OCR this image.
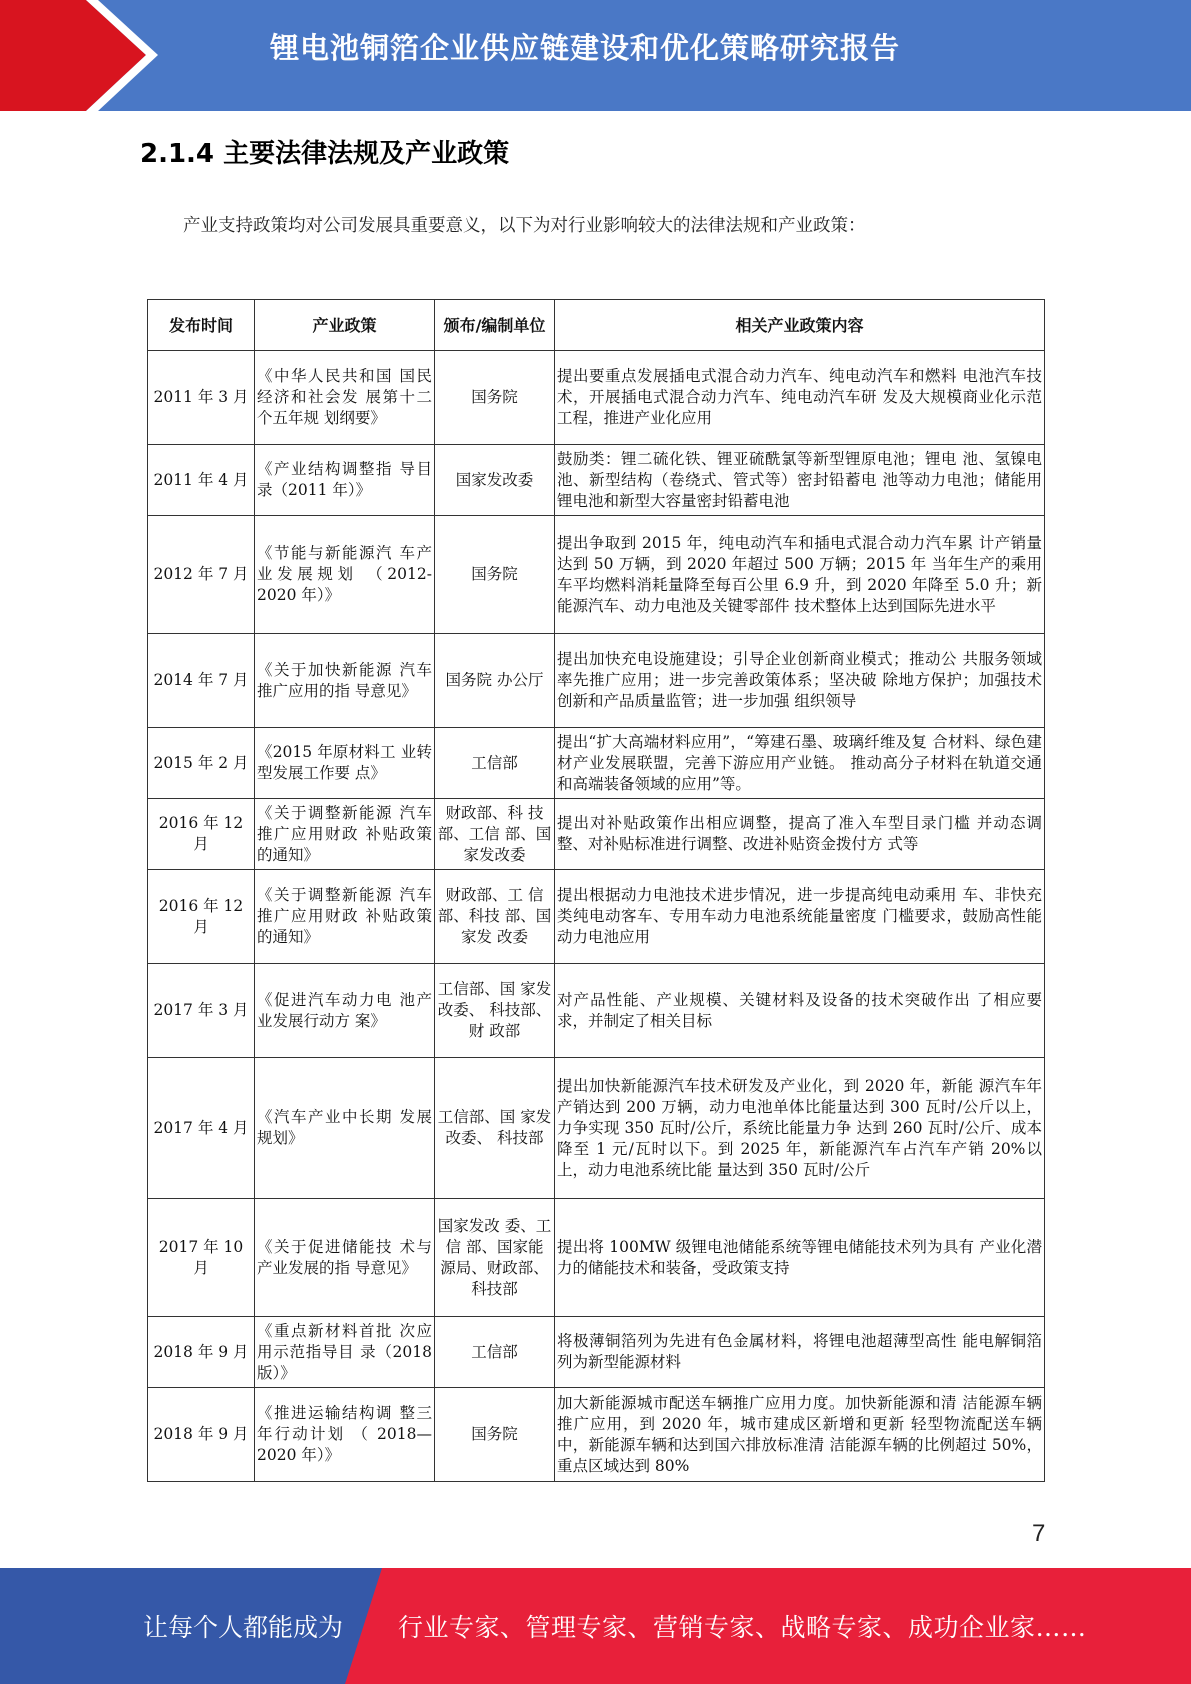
锂电池铜箔企业供应链建设和优化策略研究报告
2.1.4 主要法律法规及产业政策
产业支持政策均对公司发展具重要意义，以下为对行业影响较大的法律法规和产业政策：
发布时间	产业政策	颁布/编制单位	相关产业政策内容
2011 年 3 月	《中华人民共和国 国民经济和社会发 展第十二个五年规 划纲要》	国务院	提出要重点发展插电式混合动力汽车、纯电动汽车和燃料 电池汽车技术，开展插电式混合动力汽车、纯电动汽车研 发及大规模商业化示范工程，推进产业化应用
2011 年 4 月	《产业结构调整指 导目录（2011 年）》	国家发改委	鼓励类：锂二硫化铁、锂亚硫酰氯等新型锂原电池；锂电 池、氢镍电池、新型结构（卷绕式、管式等）密封铅蓄电 池等动力电池；储能用锂电池和新型大容量密封铅蓄电池
2012 年 7 月	《节能与新能源汽 车产业发展规划 （2012-2020 年）》	国务院	提出争取到 2015 年，纯电动汽车和插电式混合动力汽车累 计产销量达到 50 万辆，到 2020 年超过 500 万辆；2015 年 当年生产的乘用车平均燃料消耗量降至每百公里 6.9 升，到 2020 年降至 5.0 升；新能源汽车、动力电池及关键零部件 技术整体上达到国际先进水平
2014 年 7 月	《关于加快新能源 汽车推广应用的指 导意见》	国务院 办公厅	提出加快充电设施建设；引导企业创新商业模式；推动公 共服务领域率先推广应用；进一步完善政策体系；坚决破 除地方保护；加强技术创新和产品质量监管；进一步加强 组织领导
2015 年 2 月	《2015 年原材料工 业转型发展工作要 点》	工信部	提出“扩大高端材料应用”，“筹建石墨、玻璃纤维及复 合材料、绿色建材产业发展联盟，完善下游应用产业链。 推动高分子材料在轨道交通和高端装备领域的应用”等。
2016 年 12 月	《关于调整新能源 汽车推广应用财政 补贴政策的通知》	财政部、科 技部、工信 部、国家发改委	提出对补贴政策作出相应调整，提高了准入车型目录门槛 并动态调整、对补贴标准进行调整、改进补贴资金拨付方 式等
2016 年 12 月	《关于调整新能源 汽车推广应用财政 补贴政策的通知》	财政部、工 信部、科技 部、国家发 改委	提出根据动力电池技术进步情况，进一步提高纯电动乘用 车、非快充类纯电动客车、专用车动力电池系统能量密度 门槛要求，鼓励高性能动力电池应用
2017 年 3 月	《促进汽车动力电 池产业发展行动方 案》	工信部、国 家发改委、 科技部、财 政部	对产品性能、产业规模、关键材料及设备的技术突破作出 了相应要求，并制定了相关目标
2017 年 4 月	《汽车产业中长期 发展规划》	工信部、国 家发改委、 科技部	提出加快新能源汽车技术研发及产业化，到 2020 年，新能 源汽车年产销达到 200 万辆，动力电池单体比能量达到 300 瓦时/公斤以上，力争实现 350 瓦时/公斤，系统比能量力争 达到 260 瓦时/公斤、成本降至 1 元/瓦时以下。到 2025 年，新能源汽车占汽车产销 20%以上，动力电池系统比能 量达到 350 瓦时/公斤
2017 年 10 月	《关于促进储能技 术与产业发展的指 导意见》	国家发改 委、工信 部、国家能 源局、财政部、科技部	提出将 100MW 级锂电池储能系统等锂电储能技术列为具有 产业化潜力的储能技术和装备，受政策支持
2018 年 9 月	《重点新材料首批 次应用示范指导目 录（2018 版）》	工信部	将极薄铜箔列为先进有色金属材料，将锂电池超薄型高性 能电解铜箔列为新型能源材料
2018 年 9 月	《推进运输结构调 整三年行动计划 （ 2018—2020 年）》	国务院	加大新能源城市配送车辆推广应用力度。加快新能源和清 洁能源车辆推广应用，到 2020 年，城市建成区新增和更新 轻型物流配送车辆中，新能源车辆和达到国六排放标准清 洁能源车辆的比例超过 50%，重点区域达到 80%
7
让每个人都能成为 行业专家、管理专家、营销专家、战略专家、成功企业家……
